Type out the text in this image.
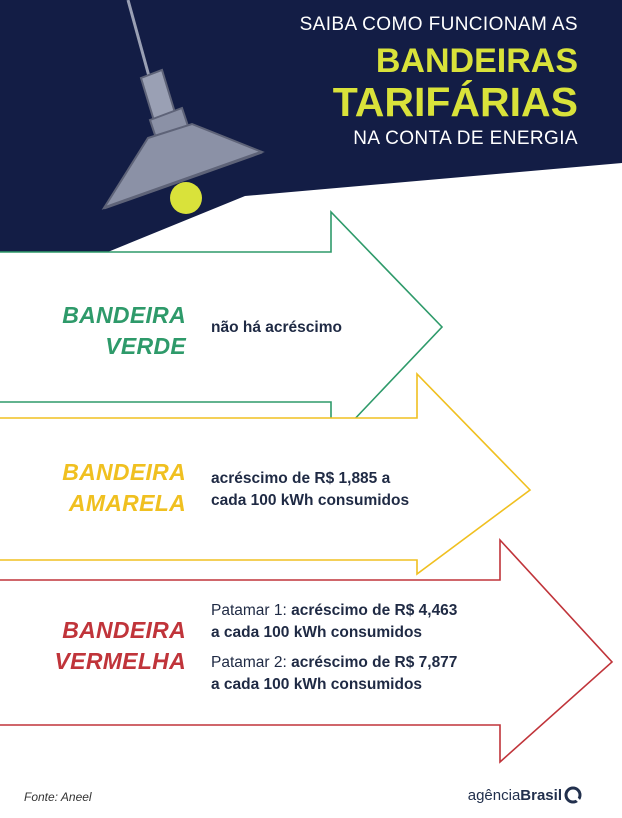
SAIBA COMO FUNCIONAM AS
BANDEIRAS
TARIFÁRIAS
NA CONTA DE ENERGIA
BANDEIRA
VERDE
não há acréscimo
BANDEIRA
AMARELA
acréscimo de R$ 1,885 a
cada 100 kWh consumidos
BANDEIRA
VERMELHA
Patamar 1: acréscimo de R$ 4,463
a cada 100 kWh consumidos
Patamar 2: acréscimo de R$ 7,877
a cada 100 kWh consumidos
Fonte: Aneel	agência Brasil
